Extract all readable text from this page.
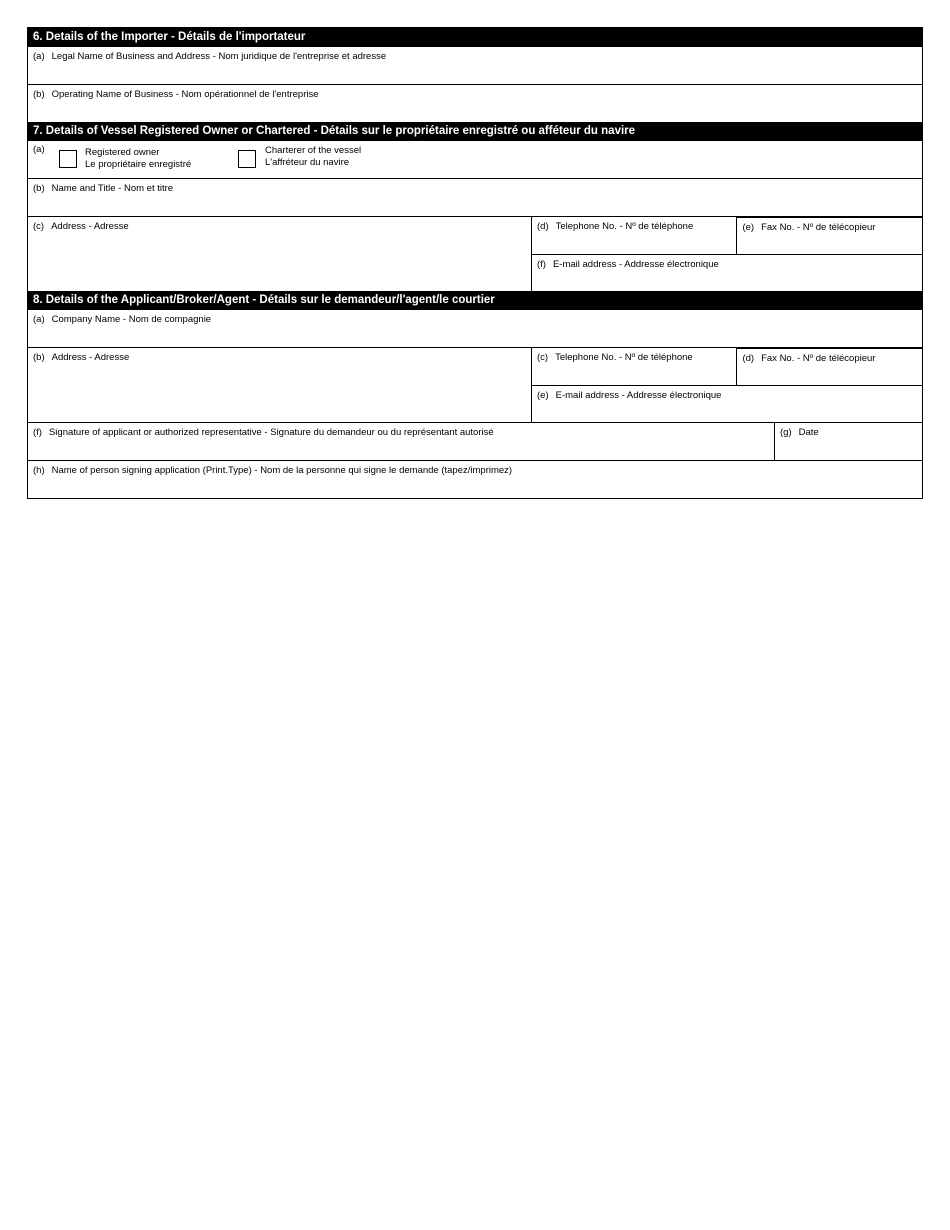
6. Details of the Importer - Détails de l'importateur
(a) Legal Name of Business and Address - Nom juridique de l'entreprise et adresse
(b) Operating Name of Business - Nom opérationnel de l'entreprise
7. Details of Vessel Registered Owner or Chartered - Détails sur le propriétaire enregistré ou afféteur du navire
(a)	Registered owner
Le propriétaire enregistré
Charterer of the vessel
L'affréteur du navire
(b) Name and Title - Nom et titre
(c) Address - Adresse	(d) Telephone No. - Nº de téléphone	(e) Fax No. - Nº de télécopieur
(f) E-mail address - Addresse électronique
8. Details of the Applicant/Broker/Agent - Détails sur le demandeur/l'agent/le courtier
(a) Company Name - Nom de compagnie
(b) Address - Adresse	(c) Telephone No. - Nº de téléphone	(d) Fax No. - Nº de télécopieur
(e) E-mail address - Addresse électronique
(f) Signature of applicant or authorized representative - Signature du demandeur ou du représentant autorisé	(g) Date
(h) Name of person signing application (Print.Type) - Nom de la personne qui signe le demande (tapez/imprimez)
